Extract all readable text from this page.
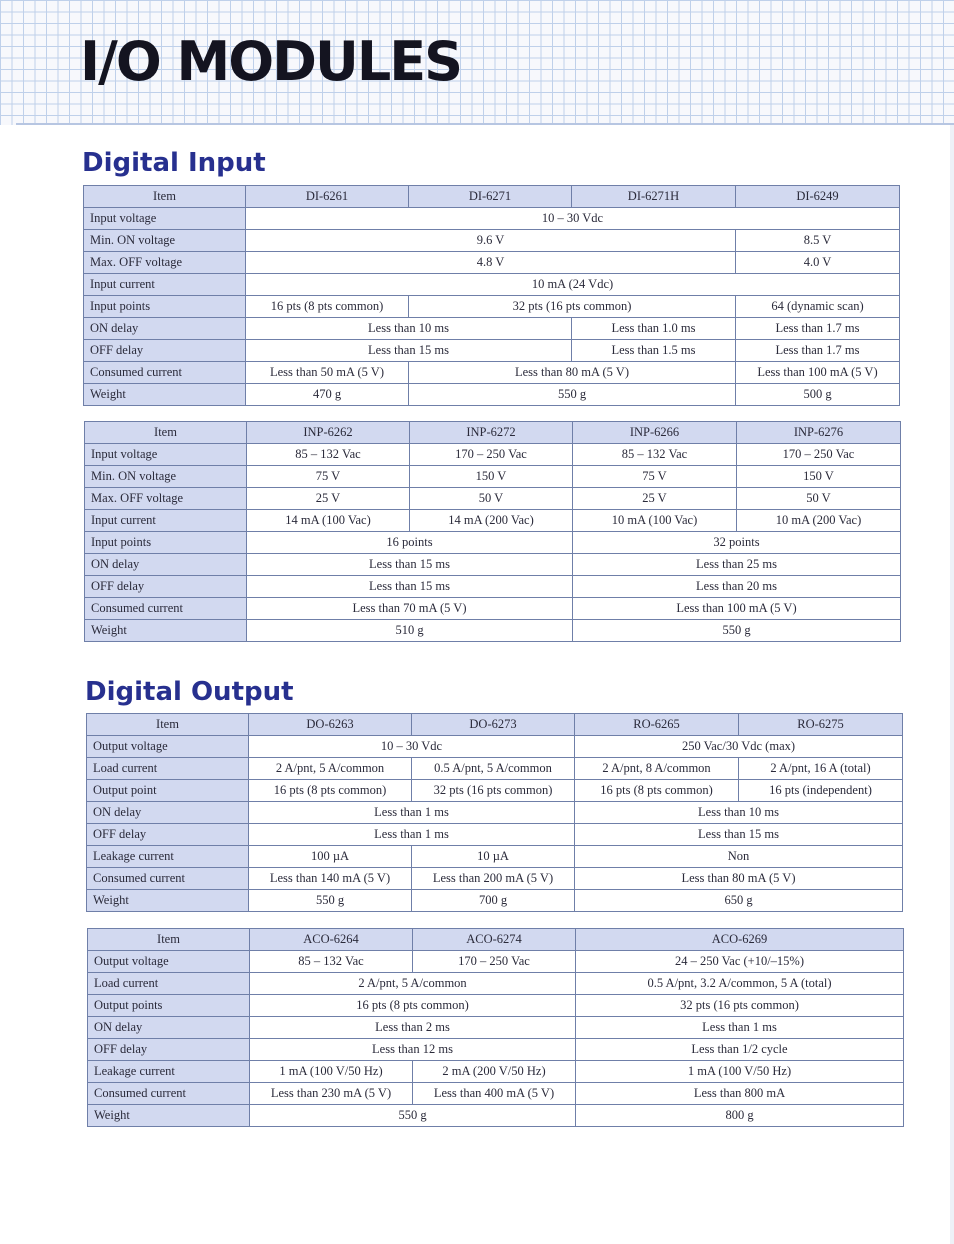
I/O MODULES
Digital Input
Item	DI-6261	DI-6271	DI-6271H	DI-6249
Input voltage	10 – 30 Vdc			
Min. ON voltage	9.6 V			8.5 V
Max. OFF voltage	4.8 V			4.0 V
Input current	10 mA (24 Vdc)			
Input points	16 pts (8 pts common)	32 pts (16 pts common)		64 (dynamic scan)
ON delay	Less than 10 ms		Less than 1.0 ms	Less than 1.7 ms
OFF delay	Less than 15 ms		Less than 1.5 ms	Less than 1.7 ms
Consumed current	Less than 50 mA (5 V)	Less than 80 mA (5 V)		Less than 100 mA (5 V)
Weight	470 g	550 g		500 g
Item	INP-6262	INP-6272	INP-6266	INP-6276
Input voltage	85 – 132 Vac	170 – 250 Vac	85 – 132 Vac	170 – 250 Vac
Min. ON voltage	75 V	150 V	75 V	150 V
Max. OFF voltage	25 V	50 V	25 V	50 V
Input current	14 mA (100 Vac)	14 mA (200 Vac)	10 mA (100 Vac)	10 mA (200 Vac)
Input points	16 points		32 points	
ON delay	Less than 15 ms		Less than 25 ms	
OFF delay	Less than 15 ms		Less than 20 ms	
Consumed current	Less than 70 mA (5 V)		Less than 100 mA (5 V)	
Weight	510 g		550 g	
Digital Output
Item	DO-6263	DO-6273	RO-6265	RO-6275
Output voltage	10 – 30 Vdc		250 Vac/30 Vdc (max)	
Load current	2 A/pnt, 5 A/common	0.5 A/pnt, 5 A/common	2 A/pnt, 8 A/common	2 A/pnt, 16 A (total)
Output point	16 pts (8 pts common)	32 pts (16 pts common)	16 pts (8 pts common)	16 pts (independent)
ON delay	Less than 1 ms		Less than 10 ms	
OFF delay	Less than 1 ms		Less than 15 ms	
Leakage current	100 µA	10 µA	Non	
Consumed current	Less than 140 mA (5 V)	Less than 200 mA (5 V)	Less than 80 mA (5 V)	
Weight	550 g	700 g	650 g	
Item	ACO-6264	ACO-6274	ACO-6269
Output voltage	85 – 132 Vac	170 – 250 Vac	24 – 250 Vac (+10/–15%)
Load current	2 A/pnt, 5 A/common		0.5 A/pnt, 3.2 A/common, 5 A (total)
Output points	16 pts (8 pts common)		32 pts (16 pts common)
ON delay	Less than 2 ms		Less than 1 ms
OFF delay	Less than 12 ms		Less than 1/2 cycle
Leakage current	1 mA (100 V/50 Hz)	2 mA (200 V/50 Hz)	1 mA (100 V/50 Hz)
Consumed current	Less than 230 mA (5 V)	Less than 400 mA (5 V)	Less than 800 mA
Weight	550 g		800 g
